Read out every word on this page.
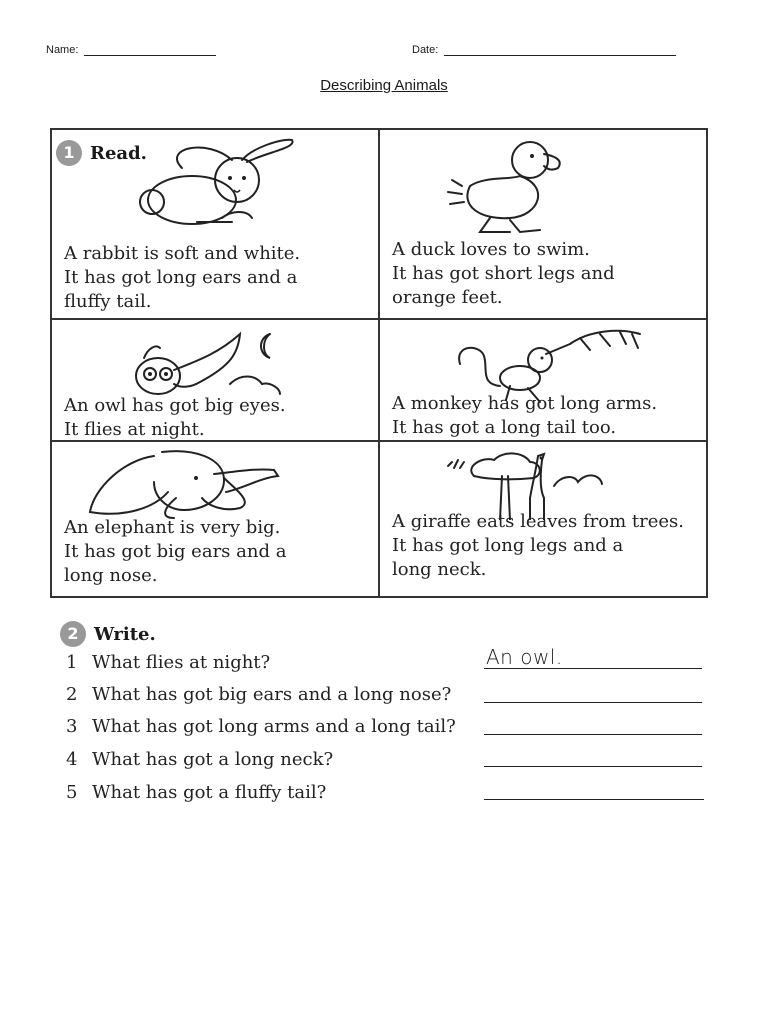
Name:	Date:
Describing Animals
1 Read.
A rabbit is soft and white.
It has got long ears and a
fluffy tail.
A duck loves to swim.
It has got short legs and
orange feet.
An owl has got big eyes.
It flies at night.
A monkey has got long arms.
It has got a long tail too.
An elephant is very big.
It has got big ears and a
long nose.
A giraffe eats leaves from trees.
It has got long legs and a
long neck.
2 Write.
1 What flies at night?	An owl.
2 What has got big ears and a long nose?
3 What has got long arms and a long tail?
4 What has got a long neck?
5 What has got a fluffy tail?
